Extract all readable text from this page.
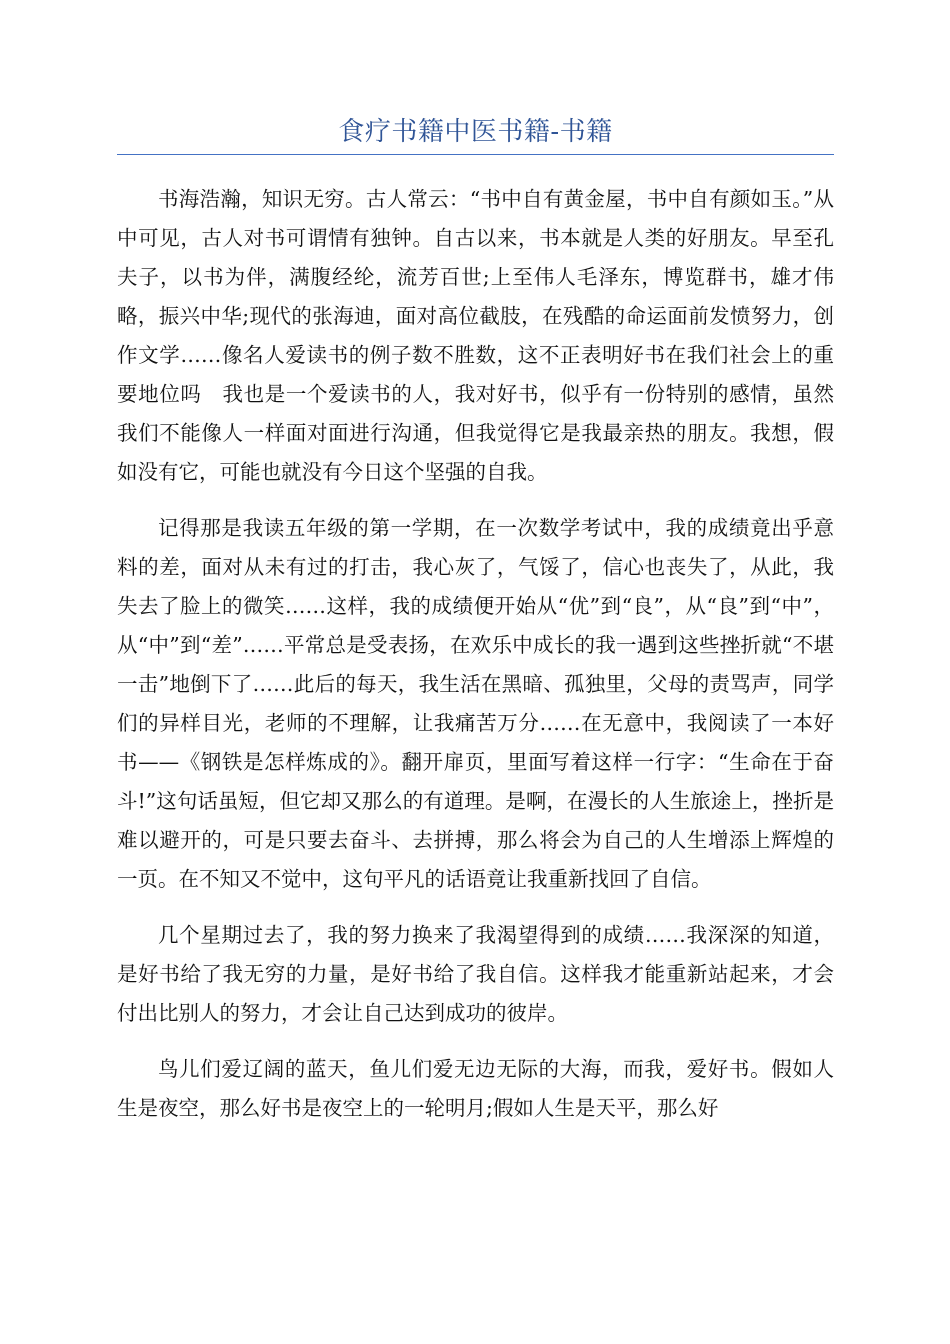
食疗书籍中医书籍-书籍

书海浩瀚，知识无穷。古人常云：“书中自有黄金屋，书中自有颜如玉。”从中可见，古人对书可谓情有独钟。自古以来，书本就是人类的好朋友。早至孔夫子，以书为伴，满腹经纶，流芳百世;上至伟人毛泽东，博览群书，雄才伟略，振兴中华;现代的张海迪，面对高位截肢，在残酷的命运面前发愤努力，创作文学……像名人爱读书的例子数不胜数，这不正表明好书在我们社会上的重要地位吗　我也是一个爱读书的人，我对好书，似乎有一份特别的感情，虽然我们不能像人一样面对面进行沟通，但我觉得它是我最亲热的朋友。我想，假如没有它，可能也就没有今日这个坚强的自我。

记得那是我读五年级的第一学期，在一次数学考试中，我的成绩竟出乎意料的差，面对从未有过的打击，我心灰了，气馁了，信心也丧失了，从此，我失去了脸上的微笑……这样，我的成绩便开始从“优”到“良”，从“良”到“中”，从“中”到“差”……平常总是受表扬，在欢乐中成长的我一遇到这些挫折就“不堪一击”地倒下了……此后的每天，我生活在黑暗、孤独里，父母的责骂声，同学们的异样目光，老师的不理解，让我痛苦万分……在无意中，我阅读了一本好书——《钢铁是怎样炼成的》。翻开扉页，里面写着这样一行字：“生命在于奋斗!”这句话虽短，但它却又那么的有道理。是啊，在漫长的人生旅途上，挫折是难以避开的，可是只要去奋斗、去拼搏，那么将会为自己的人生增添上辉煌的一页。在不知又不觉中，这句平凡的话语竟让我重新找回了自信。

几个星期过去了，我的努力换来了我渴望得到的成绩……我深深的知道，是好书给了我无穷的力量，是好书给了我自信。这样我才能重新站起来，才会付出比别人的努力，才会让自己达到成功的彼岸。

鸟儿们爱辽阔的蓝天，鱼儿们爱无边无际的大海，而我，爱好书。假如人生是夜空，那么好书是夜空上的一轮明月;假如人生是天平，那么好
